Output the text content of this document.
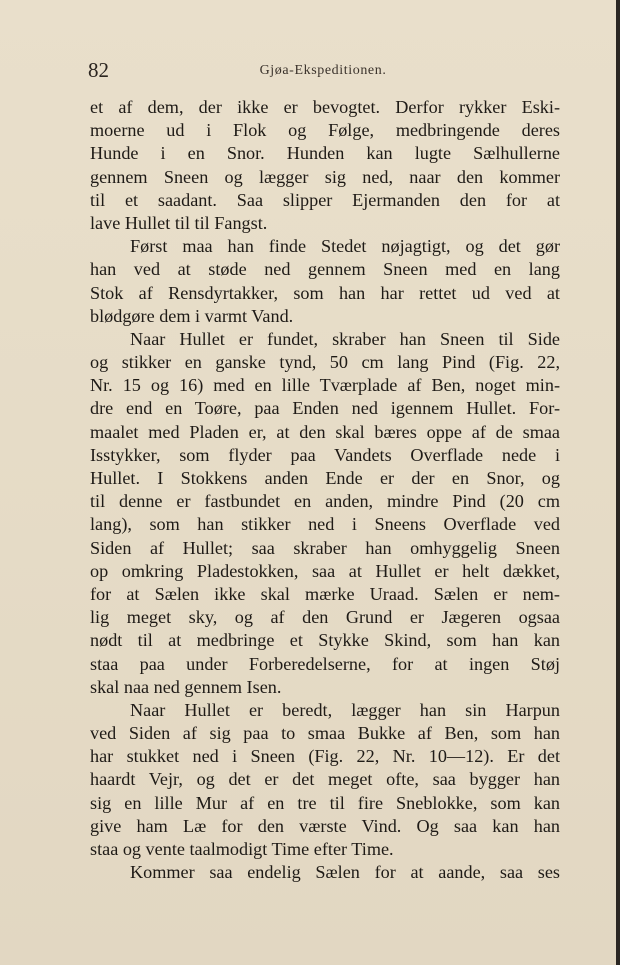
82	Gjøa-Ekspeditionen.
et af dem, der ikke er bevogtet. Derfor rykker Eski-
moerne ud i Flok og Følge, medbringende deres
Hunde i en Snor. Hunden kan lugte Sælhullerne
gennem Sneen og lægger sig ned, naar den kommer
til et saadant. Saa slipper Ejermanden den for at
lave Hullet til til Fangst.
Først maa han finde Stedet nøjagtigt, og det gør
han ved at støde ned gennem Sneen med en lang
Stok af Rensdyrtakker, som han har rettet ud ved at
blødgøre dem i varmt Vand.
Naar Hullet er fundet, skraber han Sneen til Side
og stikker en ganske tynd, 50 cm lang Pind (Fig. 22,
Nr. 15 og 16) med en lille Tværplade af Ben, noget min-
dre end en Toøre, paa Enden ned igennem Hullet. For-
maalet med Pladen er, at den skal bæres oppe af de smaa
Isstykker, som flyder paa Vandets Overflade nede i
Hullet. I Stokkens anden Ende er der en Snor, og
til denne er fastbundet en anden, mindre Pind (20 cm
lang), som han stikker ned i Sneens Overflade ved
Siden af Hullet; saa skraber han omhyggelig Sneen
op omkring Pladestokken, saa at Hullet er helt dækket,
for at Sælen ikke skal mærke Uraad. Sælen er nem-
lig meget sky, og af den Grund er Jægeren ogsaa
nødt til at medbringe et Stykke Skind, som han kan
staa paa under Forberedelserne, for at ingen Støj
skal naa ned gennem Isen.
Naar Hullet er beredt, lægger han sin Harpun
ved Siden af sig paa to smaa Bukke af Ben, som han
har stukket ned i Sneen (Fig. 22, Nr. 10—12). Er det
haardt Vejr, og det er det meget ofte, saa bygger han
sig en lille Mur af en tre til fire Sneblokke, som kan
give ham Læ for den værste Vind. Og saa kan han
staa og vente taalmodigt Time efter Time.
Kommer saa endelig Sælen for at aande, saa ses
